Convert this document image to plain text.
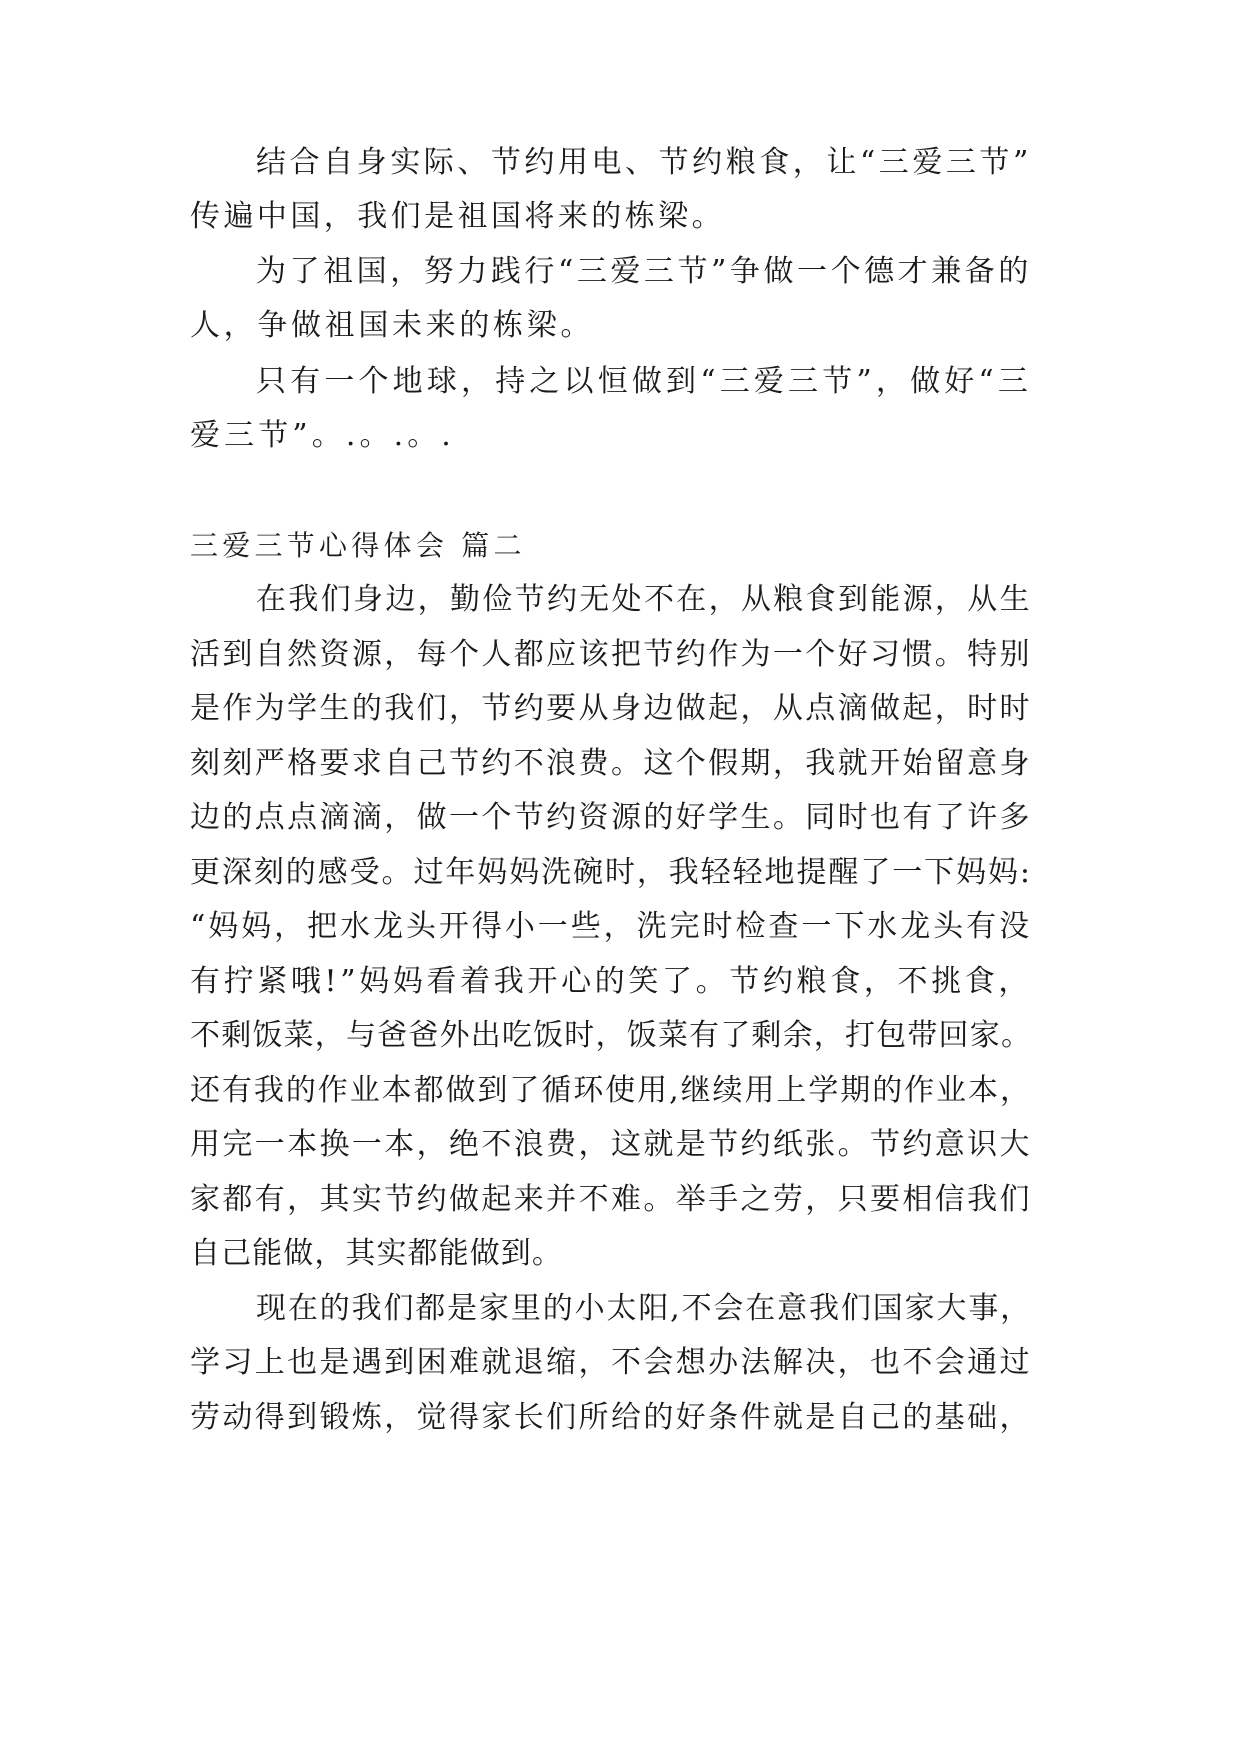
结合自身实际、节约用电、节约粮食，让“三爱三节”
传遍中国，我们是祖国将来的栋梁。
为了祖国，努力践行“三爱三节”争做一个德才兼备的
人，争做祖国未来的栋梁。
只有一个地球，持之以恒做到“三爱三节”，做好“三
爱三节”。.。.。.
三爱三节心得体会 篇二
在我们身边，勤俭节约无处不在，从粮食到能源，从生
活到自然资源，每个人都应该把节约作为一个好习惯。特别
是作为学生的我们，节约要从身边做起，从点滴做起，时时
刻刻严格要求自己节约不浪费。这个假期，我就开始留意身
边的点点滴滴，做一个节约资源的好学生。同时也有了许多
更深刻的感受。过年妈妈洗碗时，我轻轻地提醒了一下妈妈:
“妈妈，把水龙头开得小一些，洗完时检查一下水龙头有没
有拧紧哦!”妈妈看着我开心的笑了。节约粮食，不挑食，
不剩饭菜，与爸爸外出吃饭时，饭菜有了剩余，打包带回家。
还有我的作业本都做到了循环使用,继续用上学期的作业本，
用完一本换一本，绝不浪费，这就是节约纸张。节约意识大
家都有，其实节约做起来并不难。举手之劳，只要相信我们
自己能做，其实都能做到。
现在的我们都是家里的小太阳,不会在意我们国家大事，
学习上也是遇到困难就退缩，不会想办法解决，也不会通过
劳动得到锻炼，觉得家长们所给的好条件就是自己的基础，
